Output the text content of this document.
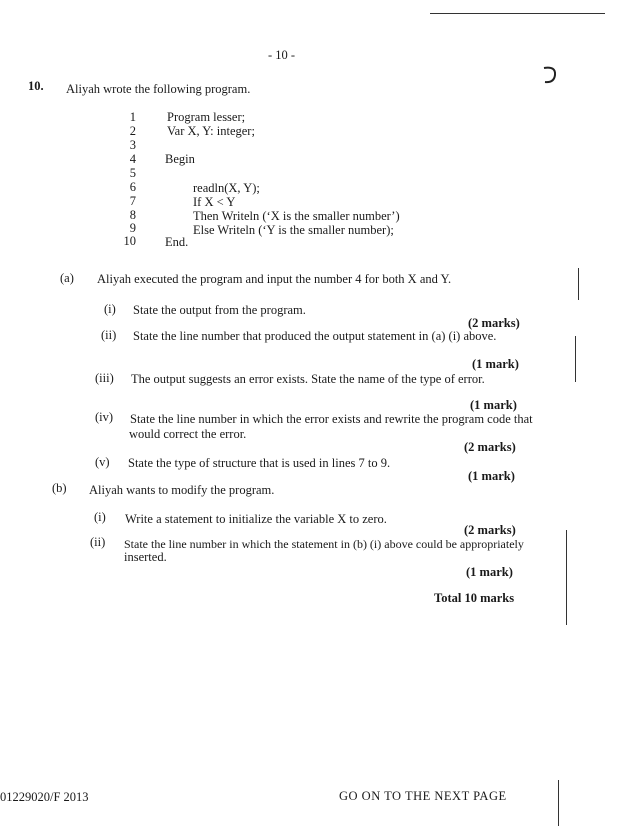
- 10 -
10. Aliyah wrote the following program.
1 Program lesser;
2 Var X, Y: integer;
3
4 Begin
5
6	readln(X, Y);
7	If X < Y
8	Then Writeln (‘X is the smaller number’)
9	Else Writeln (‘Y is the smaller number);
10 End.
(a) Aliyah executed the program and input the number 4 for both X and Y.
(i) State the output from the program.
(2 marks)
(ii) State the line number that produced the output statement in (a) (i) above.
(1 mark)
(iii) The output suggests an error exists. State the name of the type of error.
(1 mark)
(iv) State the line number in which the error exists and rewrite the program code that
would correct the error.
(2 marks)
(v) State the type of structure that is used in lines 7 to 9.
(1 mark)
(b) Aliyah wants to modify the program.
(i) Write a statement to initialize the variable X to zero.
(2 marks)
(ii) State the line number in which the statement in (b) (i) above could be appropriately
inserted.
(1 mark)
Total 10 marks
01229020/F 2013	GO ON TO THE NEXT PAGE
